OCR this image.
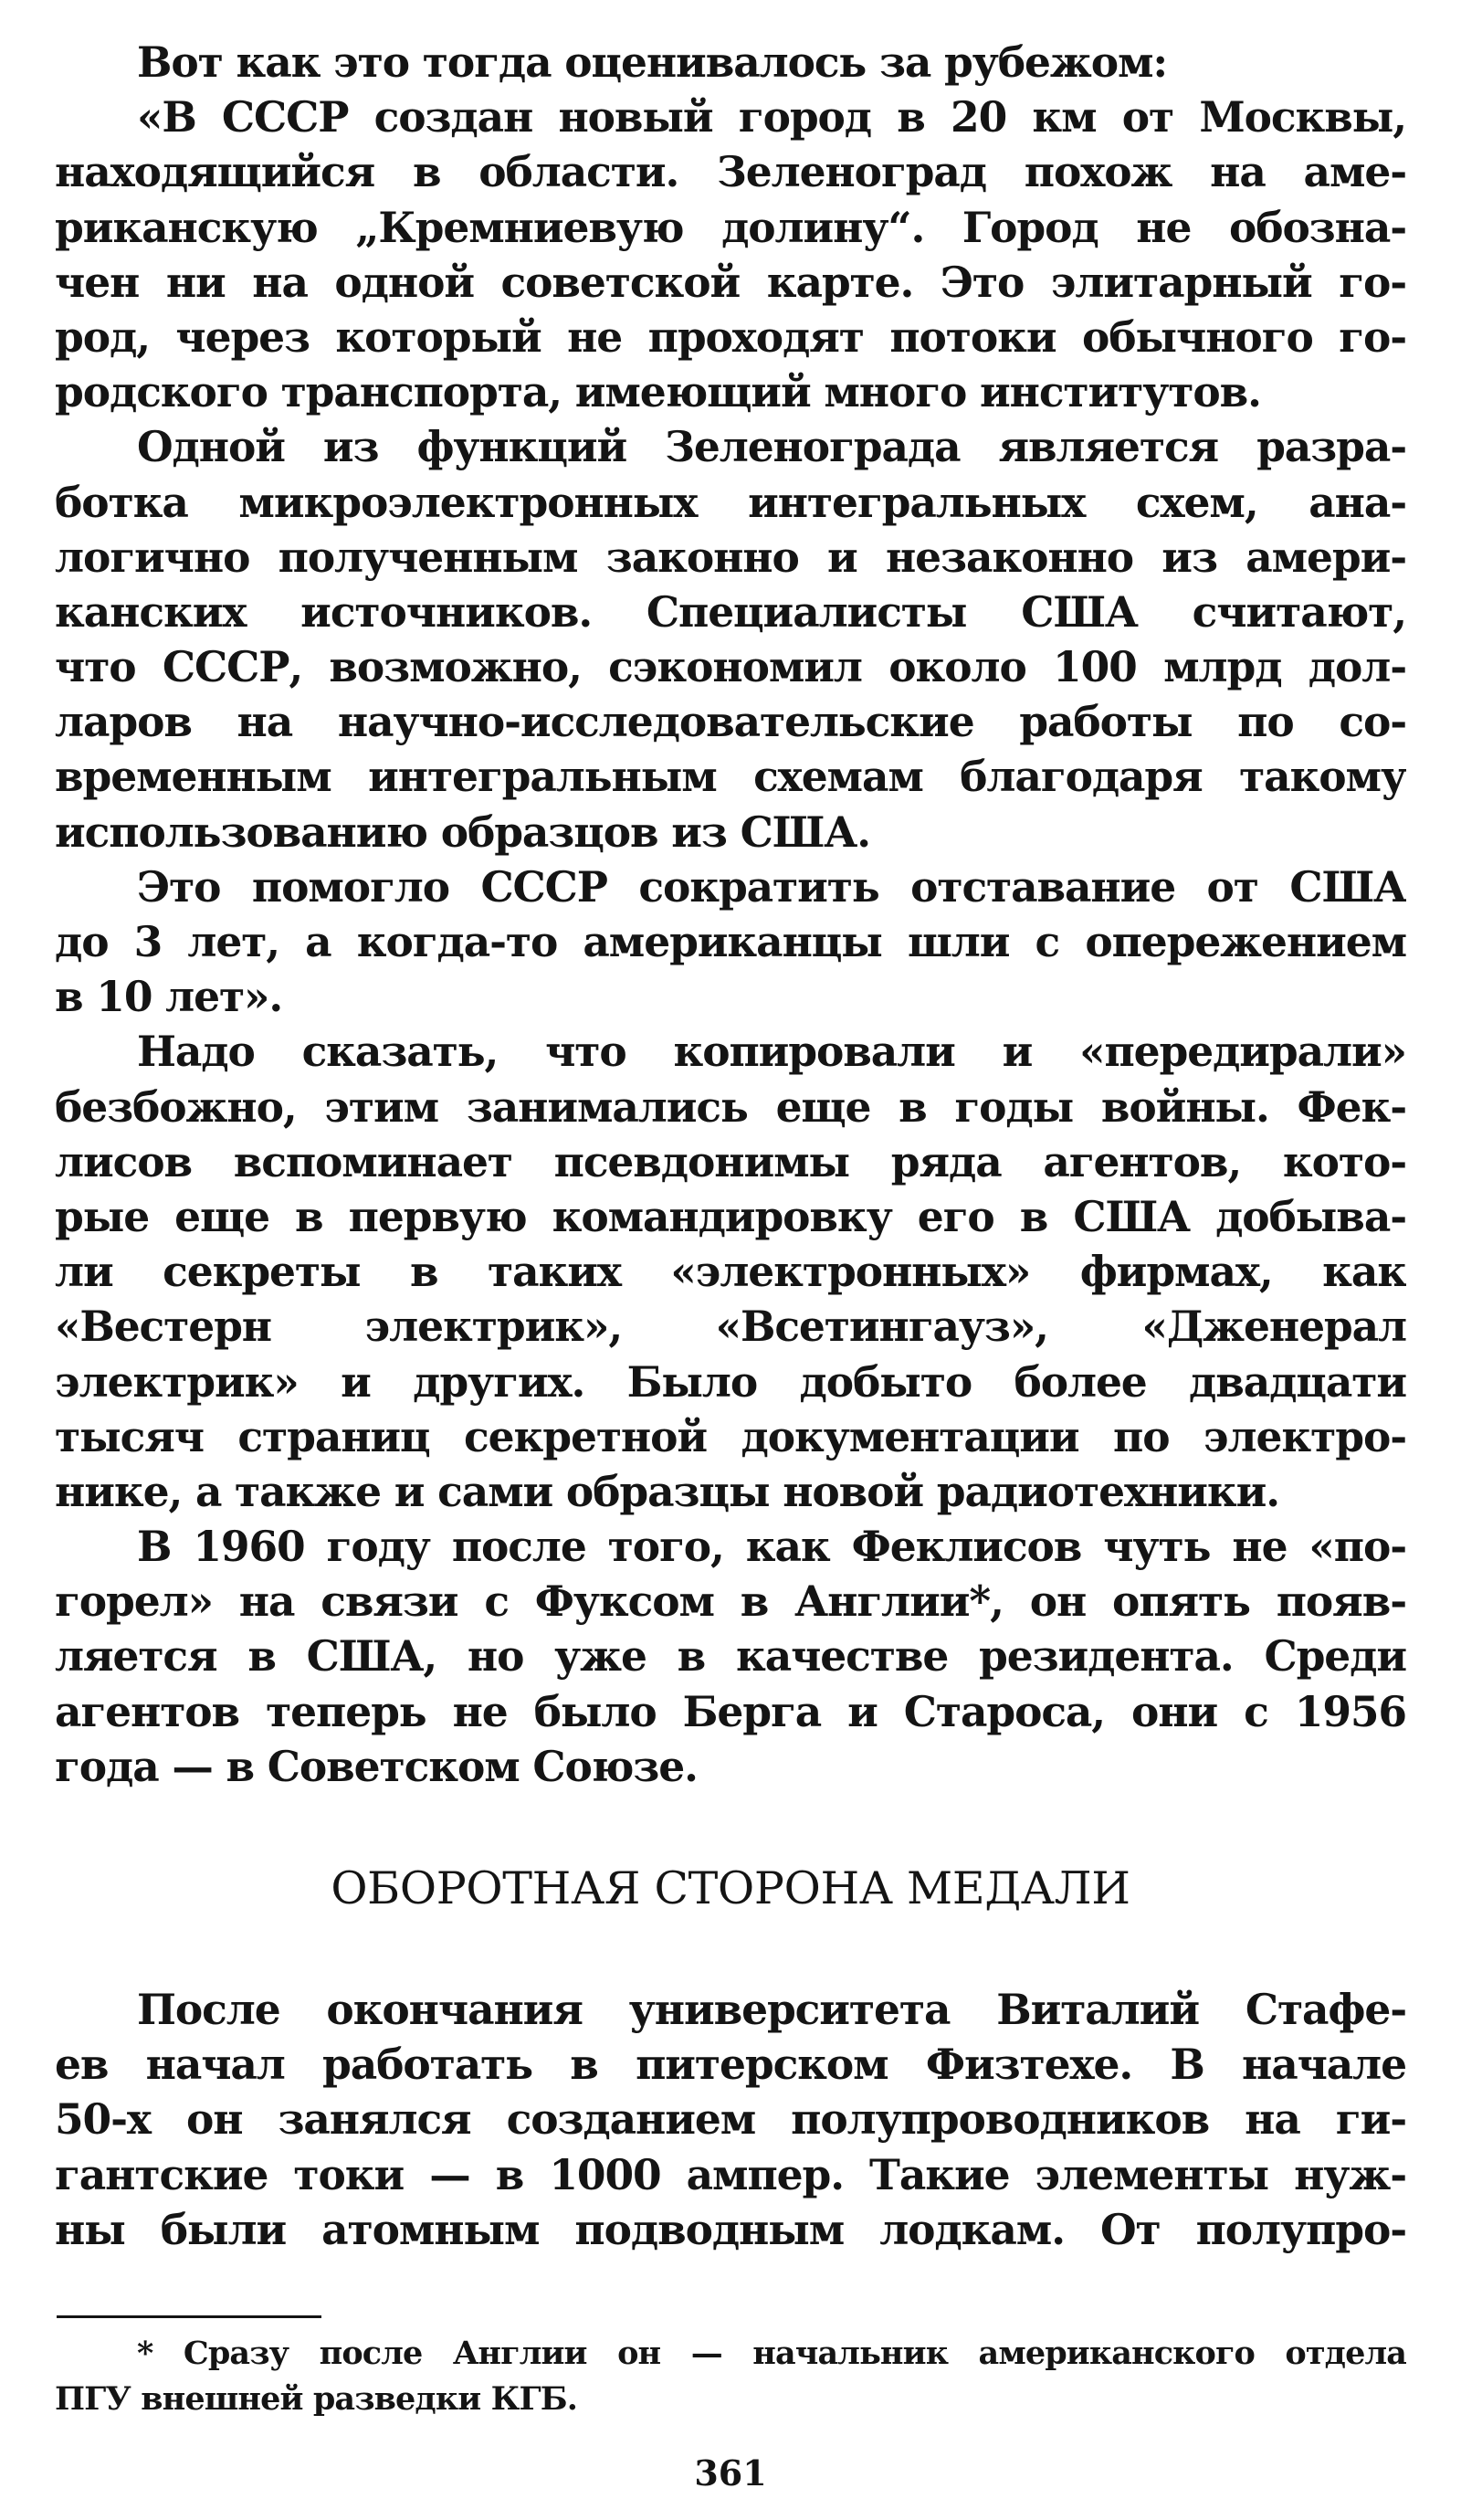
Вот как это тогда оценивалось за рубежом:
«В СССР создан новый город в 20 км от Москвы,
находящийся в области. Зеленоград похож на аме-
риканскую „Кремниевую долину“. Город не обозна-
чен ни на одной советской карте. Это элитарный го-
род, через который не проходят потоки обычного го-
родского транспорта, имеющий много институтов.
Одной из функций Зеленограда является разра-
ботка микроэлектронных интегральных схем, ана-
логично полученным законно и незаконно из амери-
канских источников. Специалисты США считают,
что СССР, возможно, сэкономил около 100 млрд дол-
ларов на научно-исследовательские работы по со-
временным интегральным схемам благодаря такому
использованию образцов из США.
Это помогло СССР сократить отставание от США
до 3 лет, а когда-то американцы шли с опережением
в 10 лет».
Надо сказать, что копировали и «передирали»
безбожно, этим занимались еще в годы войны. Фек-
лисов вспоминает псевдонимы ряда агентов, кото-
рые еще в первую командировку его в США добыва-
ли секреты в таких «электронных» фирмах, как
«Вестерн электрик», «Всетингауз», «Дженерал
электрик» и других. Было добыто более двадцати
тысяч страниц секретной документации по электро-
нике, а также и сами образцы новой радиотехники.
В 1960 году после того, как Феклисов чуть не «по-
горел» на связи с Фуксом в Англии*, он опять появ-
ляется в США, но уже в качестве резидента. Среди
агентов теперь не было Берга и Староса, они с 1956
года — в Советском Союзе.
ОБОРОТНАЯ СТОРОНА МЕДАЛИ
После окончания университета Виталий Стафе-
ев начал работать в питерском Физтехе. В начале
50-х он занялся созданием полупроводников на ги-
гантские токи — в 1000 ампер. Такие элементы нуж-
ны были атомным подводным лодкам. От полупро-
* Сразу после Англии он — начальник американского отдела
ПГУ внешней разведки КГБ.
361
